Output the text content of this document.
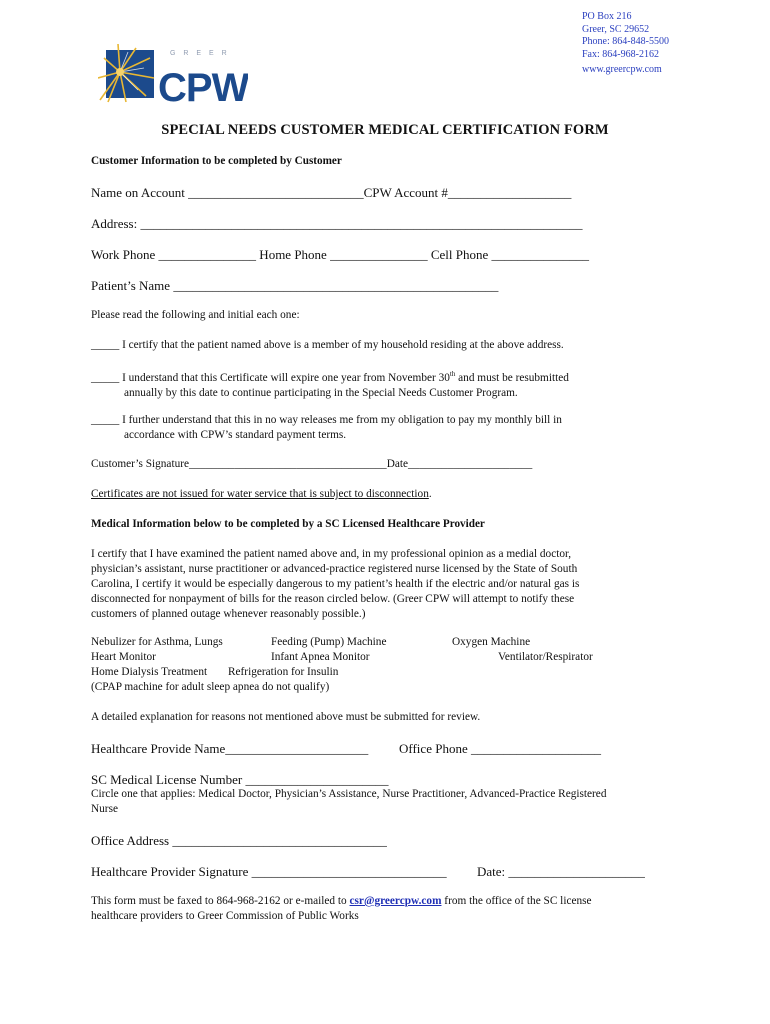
PO Box 216
Greer, SC 29652
Phone: 864-848-5500
Fax: 864-968-2162
www.greercpw.com
CPW
G R E E R
SPECIAL NEEDS CUSTOMER MEDICAL CERTIFICATION FORM
Customer Information to be completed by Customer
Name on Account ___________________________CPW Account #___________________
Address: ____________________________________________________________________
Work Phone _______________ Home Phone _______________ Cell Phone _______________
Patient’s Name __________________________________________________
Please read the following and initial each one:
_____ I certify that the patient named above is a member of my household residing at the above address.
_____ I understand that this Certificate will expire one year from November 30th and must be resubmitted
annually by this date to continue participating in the Special Needs Customer Program.
_____ I further understand that this in no way releases me from my obligation to pay my monthly bill in
accordance with CPW’s standard payment terms.
Customer’s Signature___________________________________Date______________________
Certificates are not issued for water service that is subject to disconnection.
Medical Information below to be completed by a SC Licensed Healthcare Provider
I certify that I have examined the patient named above and, in my professional opinion as a medial doctor,
physician’s assistant, nurse practitioner or advanced-practice registered nurse licensed by the State of South
Carolina, I certify it would be especially dangerous to my patient’s health if the electric and/or natural gas is
disconnected for nonpayment of bills for the reason circled below. (Greer CPW will attempt to notify these
customers of planned outage whenever reasonably possible.)
Nebulizer for Asthma, Lungs	Feeding (Pump) Machine	Oxygen Machine
Heart Monitor	Infant Apnea Monitor	Ventilator/Respirator
Home Dialysis Treatment Refrigeration for Insulin
(CPAP machine for adult sleep apnea do not qualify)
A detailed explanation for reasons not mentioned above must be submitted for review.
Healthcare Provide Name______________________ Office Phone ____________________
SC Medical License Number ______________________
Circle one that applies: Medical Doctor, Physician’s Assistance, Nurse Practitioner, Advanced-Practice Registered
Nurse
Office Address _________________________________
Healthcare Provider Signature ______________________________ Date: _____________________
This form must be faxed to 864-968-2162 or e-mailed to csr@greercpw.com from the office of the SC license
healthcare providers to Greer Commission of Public Works
